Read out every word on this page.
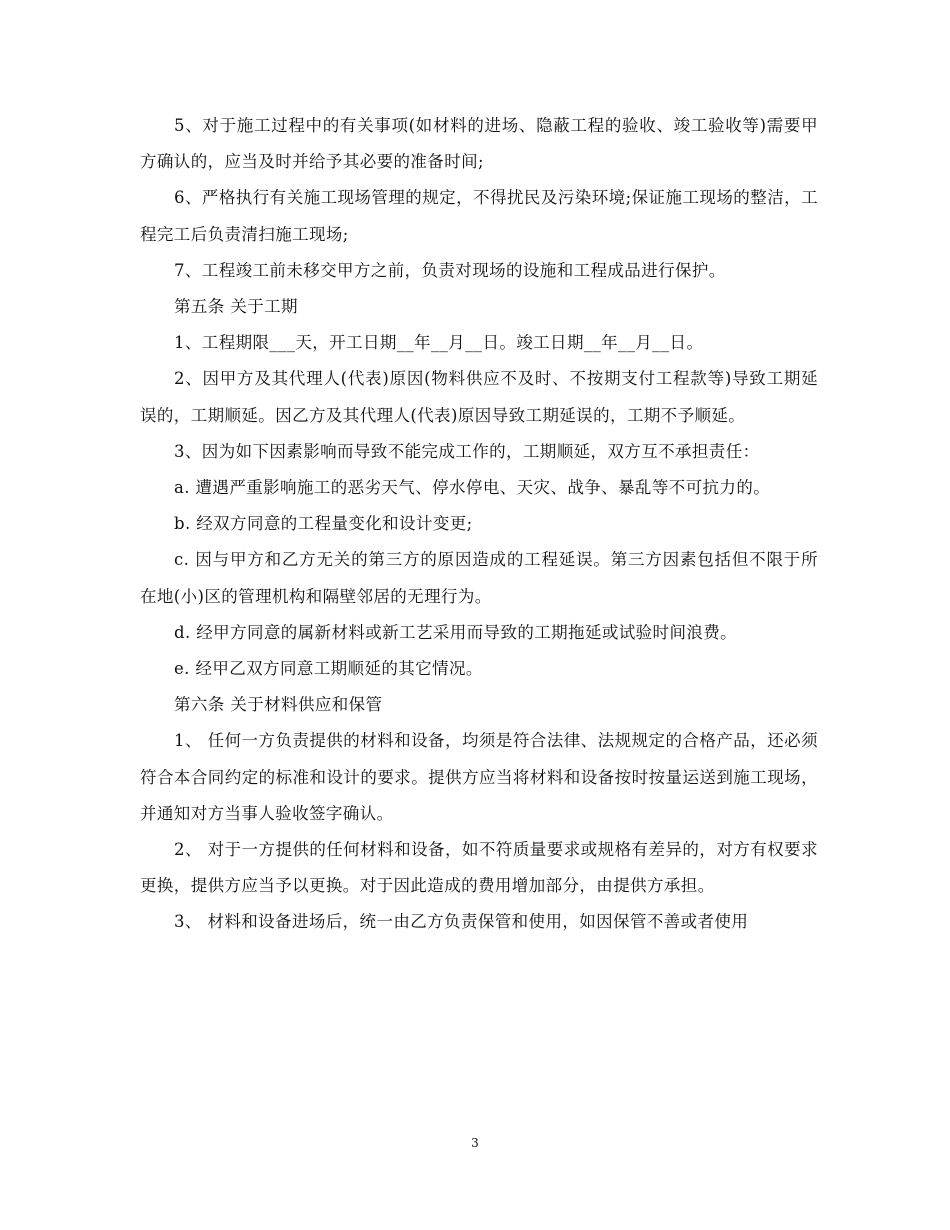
5、对于施工过程中的有关事项(如材料的进场、隐蔽工程的验收、竣工验收等)需要甲方确认的，应当及时并给予其必要的准备时间;

6、严格执行有关施工现场管理的规定，不得扰民及污染环境;保证施工现场的整洁，工程完工后负责清扫施工现场;

7、工程竣工前未移交甲方之前，负责对现场的设施和工程成品进行保护。

第五条 关于工期

1、工程期限___天，开工日期__年__月__日。竣工日期__年__月__日。

2、因甲方及其代理人(代表)原因(物料供应不及时、不按期支付工程款等)导致工期延误的，工期顺延。因乙方及其代理人(代表)原因导致工期延误的，工期不予顺延。

3、因为如下因素影响而导致不能完成工作的，工期顺延，双方互不承担责任：

a. 遭遇严重影响施工的恶劣天气、停水停电、天灾、战争、暴乱等不可抗力的。

b. 经双方同意的工程量变化和设计变更;

c. 因与甲方和乙方无关的第三方的原因造成的工程延误。第三方因素包括但不限于所在地(小)区的管理机构和隔壁邻居的无理行为。

d. 经甲方同意的属新材料或新工艺采用而导致的工期拖延或试验时间浪费。

e. 经甲乙双方同意工期顺延的其它情况。

第六条 关于材料供应和保管

1、 任何一方负责提供的材料和设备，均须是符合法律、法规规定的合格产品，还必须符合本合同约定的标准和设计的要求。提供方应当将材料和设备按时按量运送到施工现场，并通知对方当事人验收签字确认。

2、 对于一方提供的任何材料和设备，如不符质量要求或规格有差异的，对方有权要求更换，提供方应当予以更换。对于因此造成的费用增加部分，由提供方承担。

3、 材料和设备进场后，统一由乙方负责保管和使用，如因保管不善或者使用

3
